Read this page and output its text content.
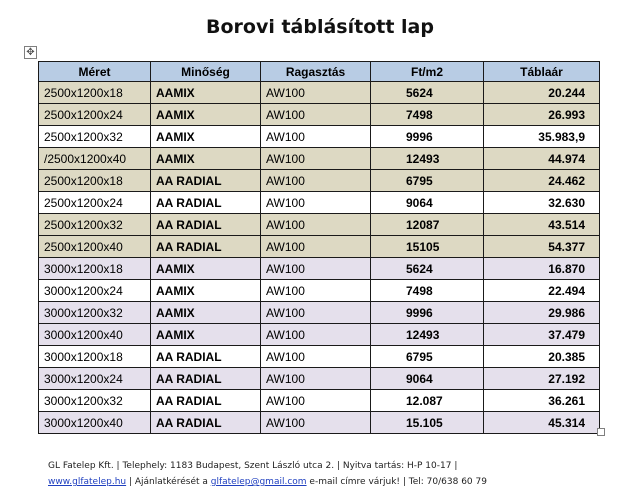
Borovi táblásított lap
✥
Méret	Minőség	Ragasztás	Ft/m2	Táblaár
2500x1200x18	AAMIX	AW100	5624	20.244
2500x1200x24	AAMIX	AW100	7498	26.993
2500x1200x32	AAMIX	AW100	9996	35.983,9
/2500x1200x40	AAMIX	AW100	12493	44.974
2500x1200x18	AA RADIAL	AW100	6795	24.462
2500x1200x24	AA RADIAL	AW100	9064	32.630
2500x1200x32	AA RADIAL	AW100	12087	43.514
2500x1200x40	AA RADIAL	AW100	15105	54.377
3000x1200x18	AAMIX	AW100	5624	16.870
3000x1200x24	AAMIX	AW100	7498	22.494
3000x1200x32	AAMIX	AW100	9996	29.986
3000x1200x40	AAMIX	AW100	12493	37.479
3000x1200x18	AA RADIAL	AW100	6795	20.385
3000x1200x24	AA RADIAL	AW100	9064	27.192
3000x1200x32	AA RADIAL	AW100	12.087	36.261
3000x1200x40	AA RADIAL	AW100	15.105	45.314
GL Fatelep Kft. | Telephely: 1183 Budapest, Szent László utca 2. | Nyitva tartás: H-P 10-17 |
www.glfatelep.hu | Ajánlatkérését a glfatelep@gmail.com e-mail címre várjuk! | Tel: 70/638 60 79
